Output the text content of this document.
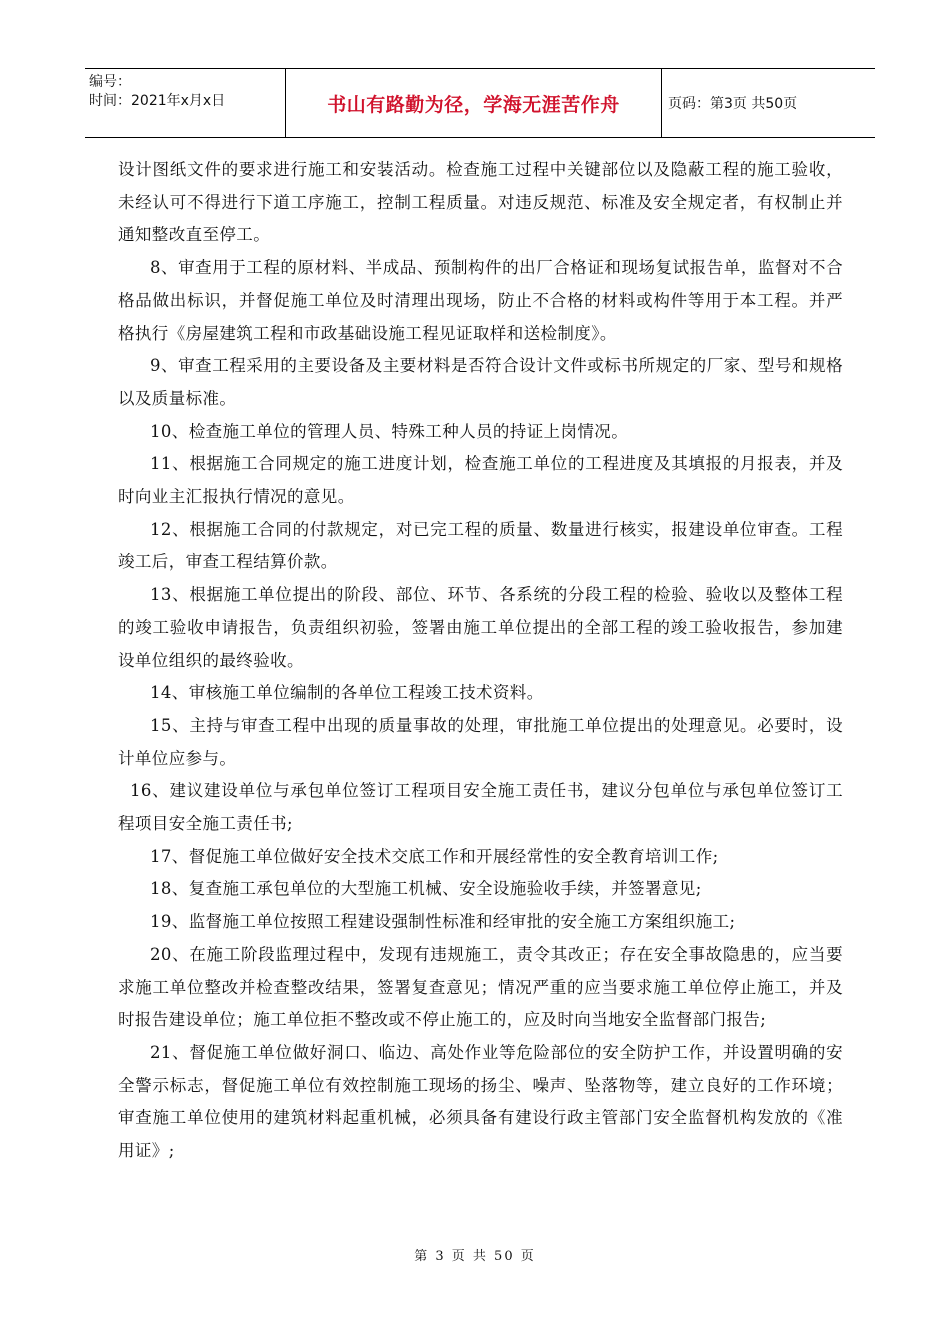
编号：
时间：2021年x月x日	书山有路勤为径，学海无涯苦作舟	页码：第3页 共50页

设计图纸文件的要求进行施工和安装活动。检查施工过程中关键部位以及隐蔽工程的施工验收，未经认可不得进行下道工序施工，控制工程质量。对违反规范、标准及安全规定者，有权制止并通知整改直至停工。

8、审查用于工程的原材料、半成品、预制构件的出厂合格证和现场复试报告单，监督对不合格品做出标识，并督促施工单位及时清理出现场，防止不合格的材料或构件等用于本工程。并严格执行《房屋建筑工程和市政基础设施工程见证取样和送检制度》。

9、审查工程采用的主要设备及主要材料是否符合设计文件或标书所规定的厂家、型号和规格以及质量标准。

10、检查施工单位的管理人员、特殊工种人员的持证上岗情况。

11、根据施工合同规定的施工进度计划，检查施工单位的工程进度及其填报的月报表，并及时向业主汇报执行情况的意见。

12、根据施工合同的付款规定，对已完工程的质量、数量进行核实，报建设单位审查。工程竣工后，审查工程结算价款。

13、根据施工单位提出的阶段、部位、环节、各系统的分段工程的检验、验收以及整体工程的竣工验收申请报告，负责组织初验，签署由施工单位提出的全部工程的竣工验收报告，参加建设单位组织的最终验收。

14、审核施工单位编制的各单位工程竣工技术资料。

15、主持与审查工程中出现的质量事故的处理，审批施工单位提出的处理意见。必要时，设计单位应参与。

16、建议建设单位与承包单位签订工程项目安全施工责任书，建议分包单位与承包单位签订工程项目安全施工责任书;

17、督促施工单位做好安全技术交底工作和开展经常性的安全教育培训工作;

18、复查施工承包单位的大型施工机械、安全设施验收手续，并签署意见;

19、监督施工单位按照工程建设强制性标准和经审批的安全施工方案组织施工;

20、在施工阶段监理过程中，发现有违规施工，责令其改正；存在安全事故隐患的，应当要求施工单位整改并检查整改结果，签署复查意见；情况严重的应当要求施工单位停止施工，并及时报告建设单位；施工单位拒不整改或不停止施工的，应及时向当地安全监督部门报告;

21、督促施工单位做好洞口、临边、高处作业等危险部位的安全防护工作，并设置明确的安全警示标志，督促施工单位有效控制施工现场的扬尘、噪声、坠落物等，建立良好的工作环境；审查施工单位使用的建筑材料起重机械，必须具备有建设行政主管部门安全监督机构发放的《准用证》;

第 3 页 共 50 页
